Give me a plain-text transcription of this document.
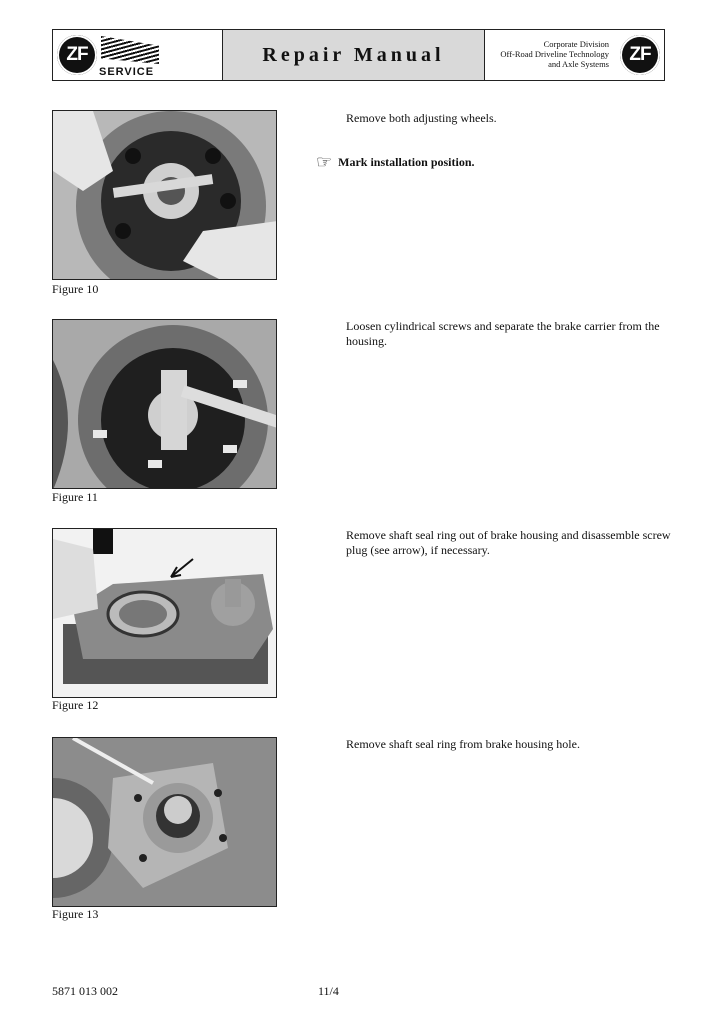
ZF
SERVICE
Repair Manual	Corporate Division
Off-Road Driveline Technology
and Axle Systems ZF
Figure 10
Remove both adjusting wheels.
☞ Mark installation position.
Figure 11
Loosen cylindrical screws and separate the brake carrier from the housing.
Figure 12
Remove shaft seal ring out of brake housing and disassemble screw plug (see arrow), if necessary.
Figure 13
Remove shaft seal ring from brake housing hole.
5871 013 002	11/4
